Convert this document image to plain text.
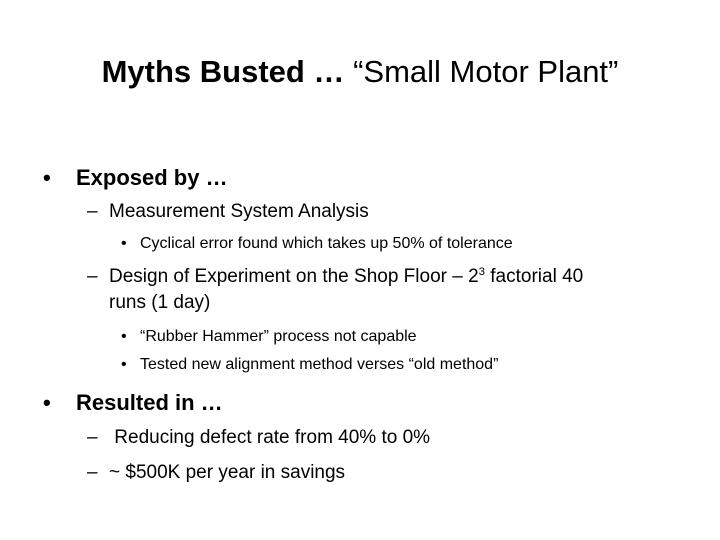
Myths Busted … “Small Motor Plant”
• Exposed by …
– Measurement System Analysis
• Cyclical error found which takes up 50% of tolerance
– Design of Experiment on the Shop Floor – $2^3$ factorial 40
runs (1 day)
• “Rubber Hammer” process not capable
• Tested new alignment method verses “old method”
• Resulted in …
– Reducing defect rate from 40% to 0%
– ~ $500K per year in savings
